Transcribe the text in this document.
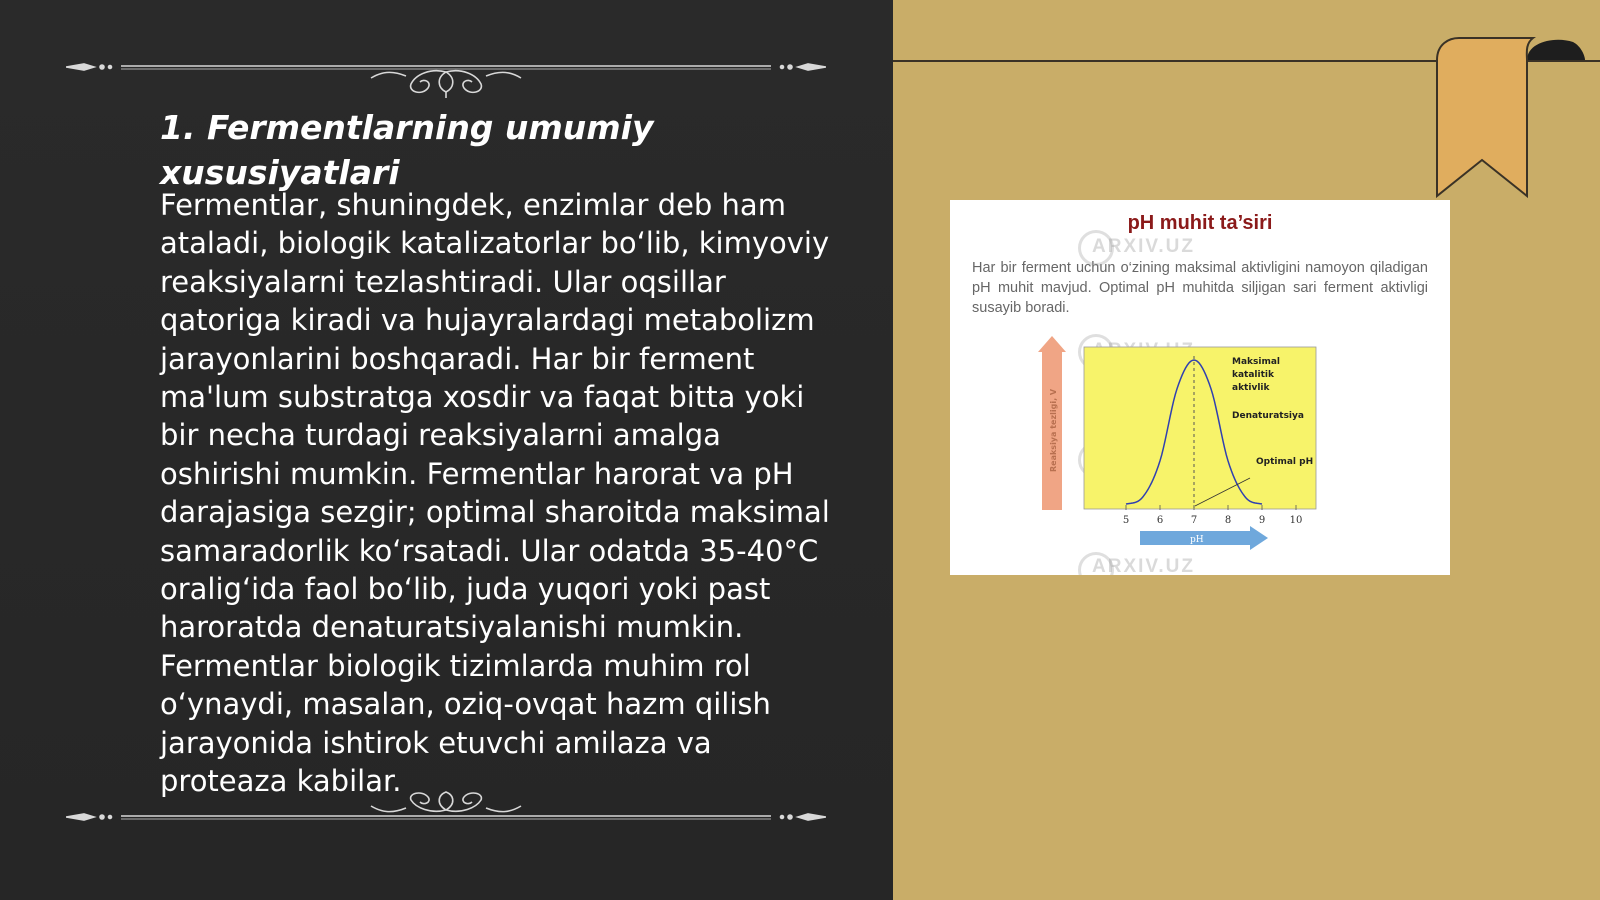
1. Fermentlarning umumiy xususiyatlari

Fermentlar, shuningdek, enzimlar deb ham ataladi, biologik katalizatorlar bo‘lib, kimyoviy reaksiyalarni tezlashtiradi. Ular oqsillar qatoriga kiradi va hujayralardagi metabolizm jarayonlarini boshqaradi. Har bir ferment ma'lum substratga xosdir va faqat bitta yoki bir necha turdagi reaksiyalarni amalga oshirishi mumkin. Fermentlar harorat va pH darajasiga sezgir; optimal sharoitda maksimal samaradorlik ko‘rsatadi. Ular odatda 35-40°C oralig‘ida faol bo‘lib, juda yuqori yoki past haroratda denaturatsiyalanishi mumkin. Fermentlar biologik tizimlarda muhim rol o‘ynaydi, masalan, oziq-ovqat hazm qilish jarayonida ishtirok etuvchi amilaza va proteaza kabilar.

pH muhit ta’siri

Har bir ferment uchun o‘zining maksimal aktivligini namoyon qiladigan pH muhit mavjud. Optimal pH muhitda siljigan sari ferment aktivligi susayib boradi.

ARXIV.UZ
ARXIV.UZ
Reaksiya tezligi, V
Maksimal
katalitik
aktivlik
Denaturatsiya
Optimal pH
5	6	7	8	9 10
pH
